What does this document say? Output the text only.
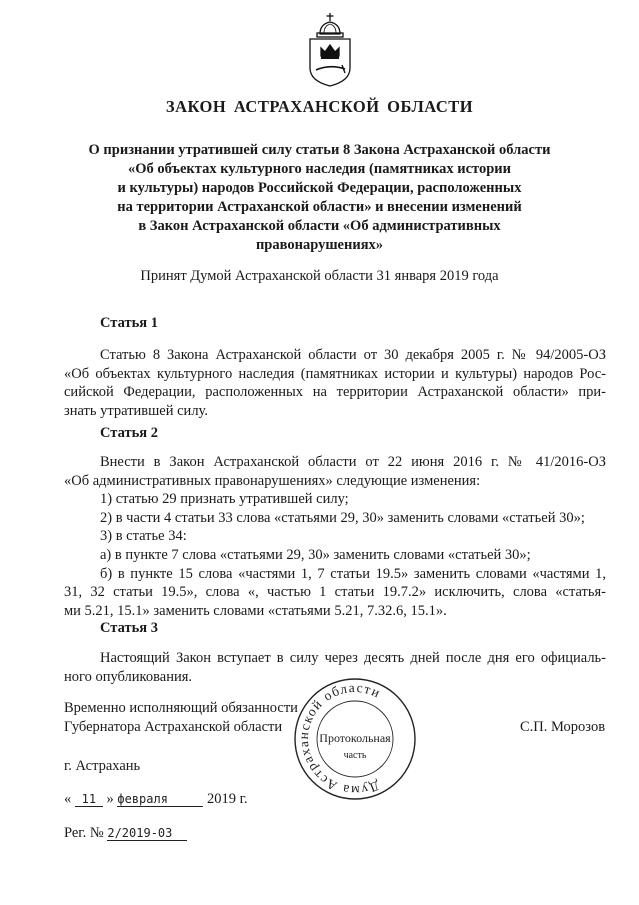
ЗАКОН АСТРАХАНСКОЙ ОБЛАСТИ
О признании утратившей силу статьи 8 Закона Астраханской области
«Об объектах культурного наследия (памятниках истории
и культуры) народов Российской Федерации, расположенных
на территории Астраханской области» и внесении изменений
в Закон Астраханской области «Об административных
правонарушениях»
Принят Думой Астраханской области 31 января 2019 года
Статья 1
Статью 8 Закона Астраханской области от 30 декабря 2005 г. № 94/2005-ОЗ
«Об объектах культурного наследия (памятниках истории и культуры) народов Рос-
сийской Федерации, расположенных на территории Астраханской области» при-
знать утратившей силу.
Статья 2
Внести в Закон Астраханской области от 22 июня 2016 г. № 41/2016-ОЗ
«Об административных правонарушениях» следующие изменения:
1) статью 29 признать утратившей силу;
2) в части 4 статьи 33 слова «статьями 29, 30» заменить словами «статьей 30»;
3) в статье 34:
а) в пункте 7 слова «статьями 29, 30» заменить словами «статьей 30»;
б) в пункте 15 слова «частями 1, 7 статьи 19.5» заменить словами «частями 1,
31, 32 статьи 19.5», слова «, частью 1 статьи 19.7.2» исключить, слова «статья-
ми 5.21, 15.1» заменить словами «статьями 5.21, 7.32.6, 15.1».
Статья 3
Настоящий Закон вступает в силу через десять дней после дня его официаль-
ного опубликования.
Временно исполняющий обязанности
Губернатора Астраханской области	С.П. Морозов
Дума Астраханской области
Протокольная
часть
г. Астрахань
« 11 » февраля	2019 г.
Рег. № 2/2019-03
